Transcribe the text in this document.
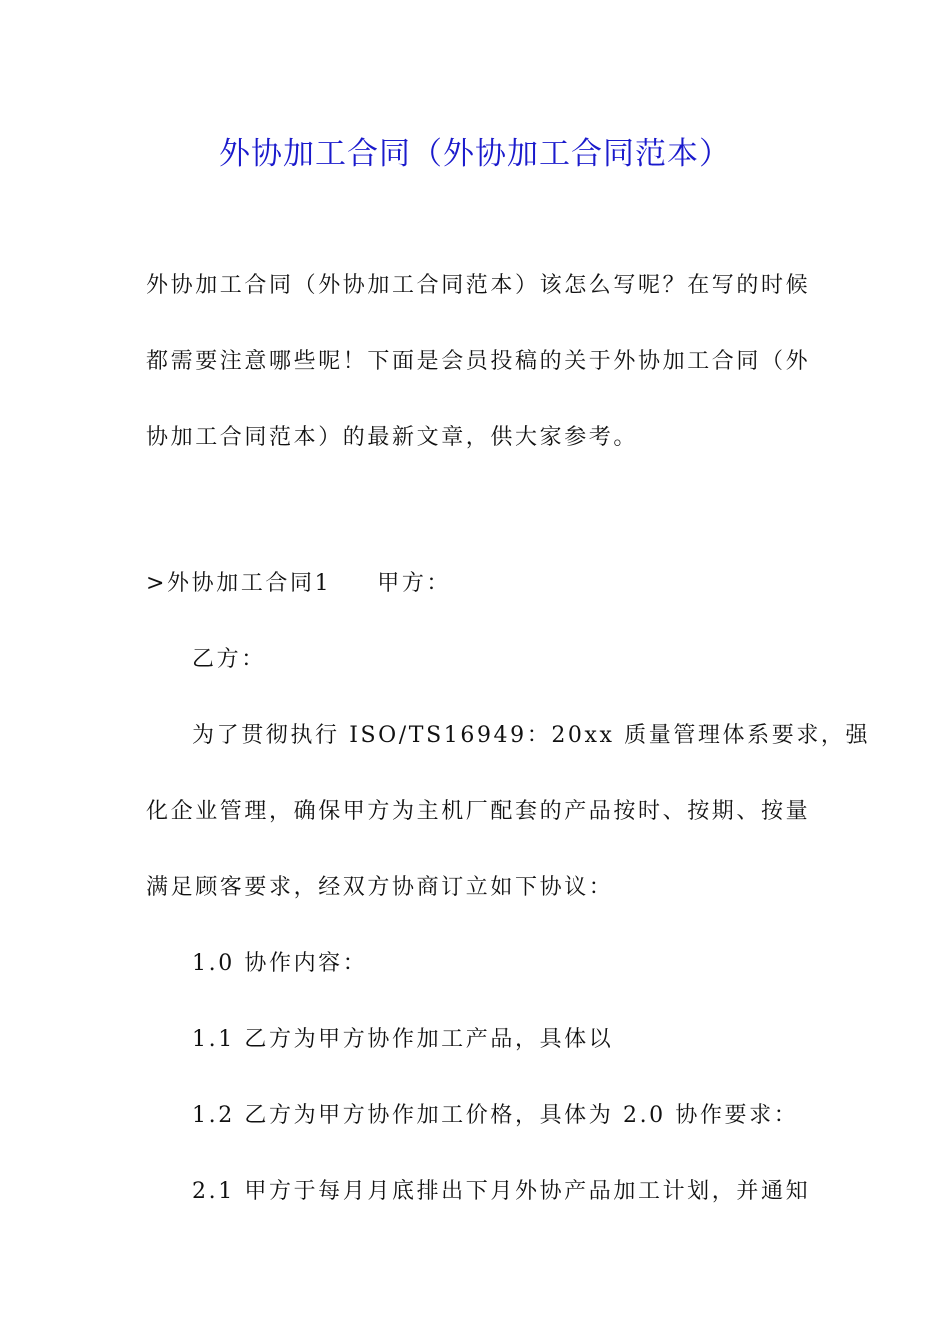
外协加工合同（外协加工合同范本）
外协加工合同（外协加工合同范本）该怎么写呢？在写的时候
都需要注意哪些呢！下面是会员投稿的关于外协加工合同（外
协加工合同范本）的最新文章，供大家参考。
>外协加工合同1 甲方：
乙方：
为了贯彻执行 ISO/TS16949：20xx 质量管理体系要求，强
化企业管理，确保甲方为主机厂配套的产品按时、按期、按量
满足顾客要求，经双方协商订立如下协议：
1.0 协作内容：
1.1 乙方为甲方协作加工产品，具体以
1.2 乙方为甲方协作加工价格，具体为 2.0 协作要求：
2.1 甲方于每月月底排出下月外协产品加工计划，并通知
